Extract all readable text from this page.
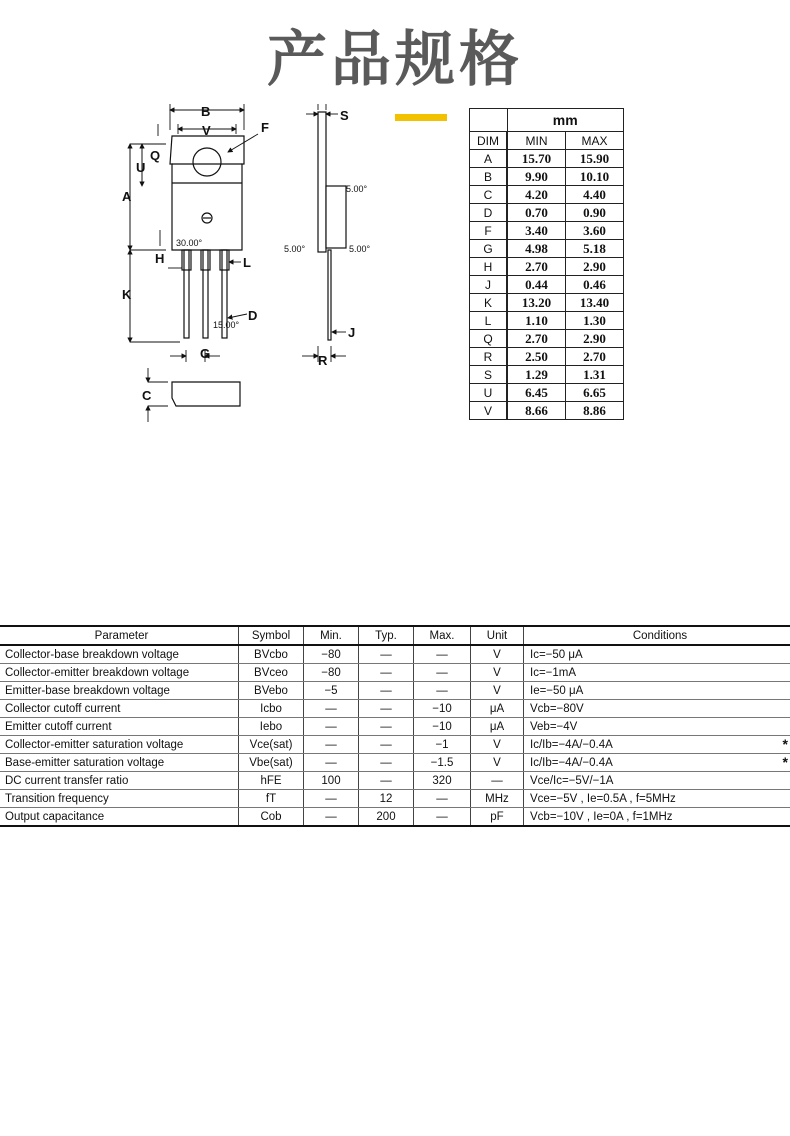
产品规格
B
V	F
Q
U
A
H	L
K
D
G
C
S
J
R
30.00°
15.00°
5.00°
5.00°	5.00°
	mm	
DIM	MIN	MAX
A	15.70	15.90
B	9.90	10.10
C	4.20	4.40
D	0.70	0.90
F	3.40	3.60
G	4.98	5.18
H	2.70	2.90
J	0.44	0.46
K	13.20	13.40
L	1.10	1.30
Q	2.70	2.90
R	2.50	2.70
S	1.29	1.31
U	6.45	6.65
V	8.66	8.86
Parameter	Symbol	Min.	Typ.	Max.	Unit	Conditions
Collector-base breakdown voltage	BVcbo	−80	—	—	V	Ic=−50 μA
Collector-emitter breakdown voltage	BVceo	−80	—	—	V	Ic=−1mA
Emitter-base breakdown voltage	BVebo	−5	—	—	V	Ie=−50 μA
Collector cutoff current	Icbo	—	—	−10	μA	Vcb=−80V
Emitter cutoff current	Iebo	—	—	−10	μA	Veb=−4V
Collector-emitter saturation voltage	Vce(sat)	—	—	−1	V	Ic/Ib=−4A/−0.4A *

Base-emitter saturation voltage	Vbe(sat)	—	—	−1.5	V	Ic/Ib=−4A/−0.4A *

DC current transfer ratio	hFE	100	—	320	—	Vce/Ic=−5V/−1A
Transition frequency	fT	—	12	—	MHz	Vce=−5V , Ie=0.5A , f=5MHz
Output capacitance	Cob	—	200	—	pF	Vcb=−10V , Ie=0A , f=1MHz
